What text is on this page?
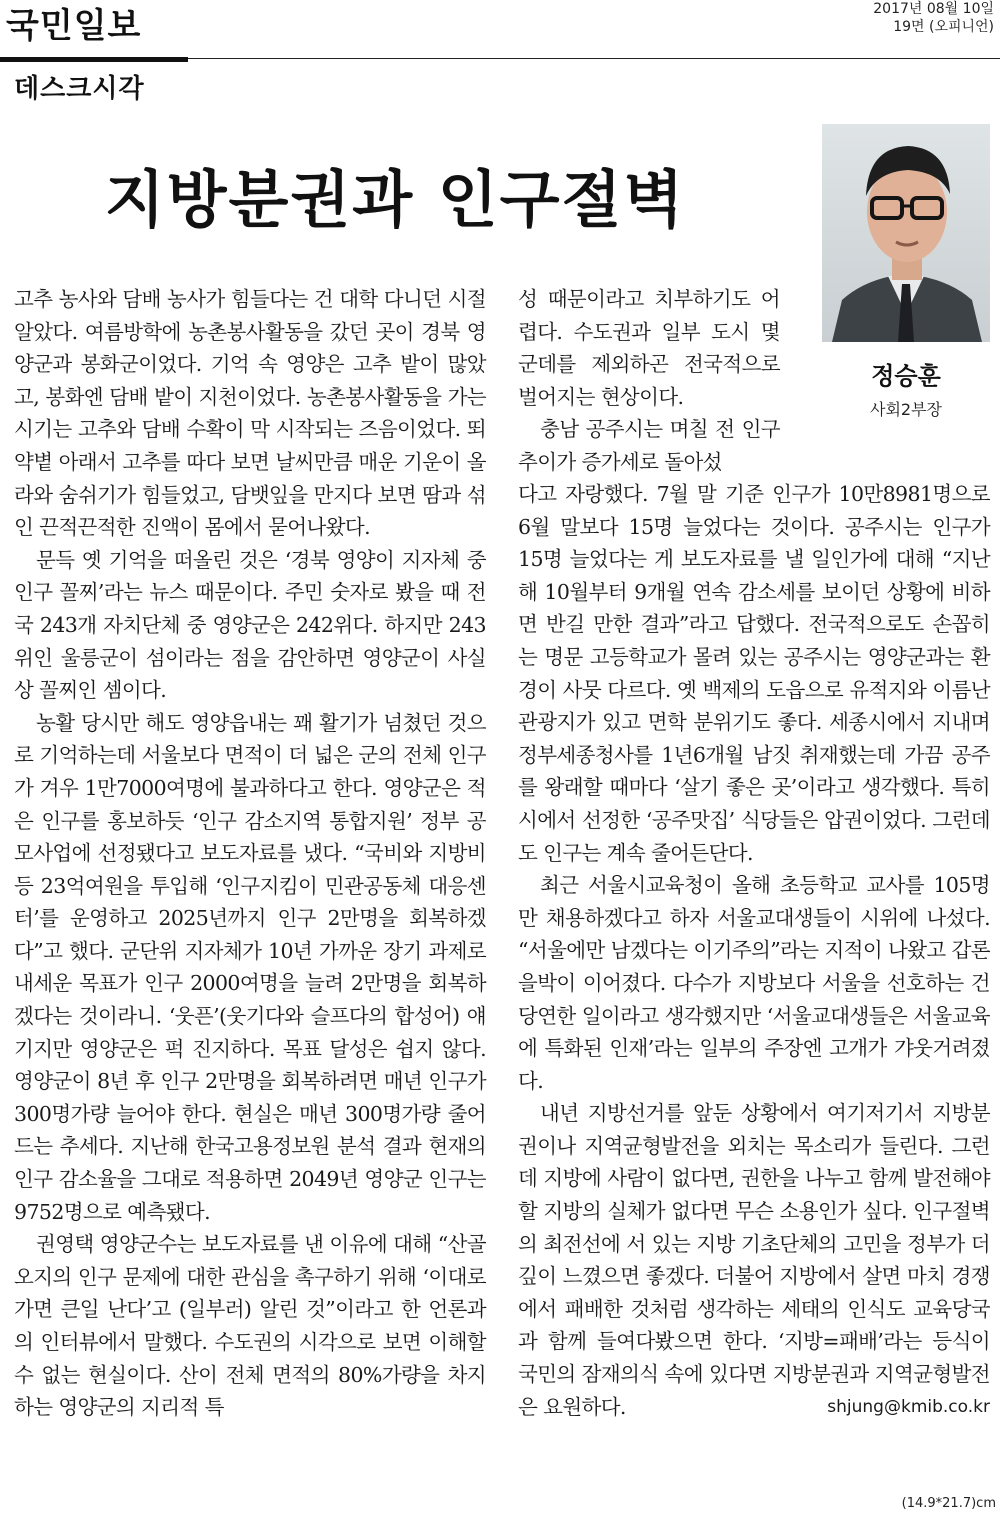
국민일보	2017년 08월 10일
19면 (오피니언)
데스크시각
지방분권과 인구절벽
정승훈
사회2부장

고추 농사와 담배 농사가 힘들다는 건 대학 다니던 시절 알았다. 여름방학에 농촌봉사활동을 갔던 곳이 경북 영양군과 봉화군이었다. 기억 속 영양은 고추 밭이 많았고, 봉화엔 담배 밭이 지천이었다. 농촌봉사활동을 가는 시기는 고추와 담배 수확이 막 시작되는 즈음이었다. 뙤약볕 아래서 고추를 따다 보면 날씨만큼 매운 기운이 올라와 숨쉬기가 힘들었고, 담뱃잎을 만지다 보면 땀과 섞인 끈적끈적한 진액이 몸에서 묻어나왔다.

문득 옛 기억을 떠올린 것은 ‘경북 영양이 지자체 중 인구 꼴찌’라는 뉴스 때문이다. 주민 숫자로 봤을 때 전국 243개 자치단체 중 영양군은 242위다. 하지만 243위인 울릉군이 섬이라는 점을 감안하면 영양군이 사실상 꼴찌인 셈이다.

농활 당시만 해도 영양읍내는 꽤 활기가 넘쳤던 것으로 기억하는데 서울보다 면적이 더 넓은 군의 전체 인구가 겨우 1만7000여명에 불과하다고 한다. 영양군은 적은 인구를 홍보하듯 ‘인구 감소지역 통합지원’ 정부 공모사업에 선정됐다고 보도자료를 냈다. “국비와 지방비 등 23억여원을 투입해 ‘인구지킴이 민관공동체 대응센터’를 운영하고 2025년까지 인구 2만명을 회복하겠다”고 했다. 군단위 지자체가 10년 가까운 장기 과제로 내세운 목표가 인구 2000여명을 늘려 2만명을 회복하겠다는 것이라니. ‘웃픈’(웃기다와 슬프다의 합성어) 얘기지만 영양군은 퍽 진지하다. 목표 달성은 쉽지 않다. 영양군이 8년 후 인구 2만명을 회복하려면 매년 인구가 300명가량 늘어야 한다. 현실은 매년 300명가량 줄어드는 추세다. 지난해 한국고용정보원 분석 결과 현재의 인구 감소율을 그대로 적용하면 2049년 영양군 인구는 9752명으로 예측됐다.

권영택 영양군수는 보도자료를 낸 이유에 대해 “산골 오지의 인구 문제에 대한 관심을 촉구하기 위해 ‘이대로 가면 큰일 난다’고 (일부러) 알린 것”이라고 한 언론과의 인터뷰에서 말했다. 수도권의 시각으로 보면 이해할 수 없는 현실이다. 산이 전체 면적의 80%가량을 차지하는 영양군의 지리적 특

성 때문이라고 치부하기도 어렵다. 수도권과 일부 도시 몇 군데를 제외하곤 전국적으로 벌어지는 현상이다.

충남 공주시는 며칠 전 인구 추이가 증가세로 돌아섰

다고 자랑했다. 7월 말 기준 인구가 10만8981명으로 6월 말보다 15명 늘었다는 것이다. 공주시는 인구가 15명 늘었다는 게 보도자료를 낼 일인가에 대해 “지난해 10월부터 9개월 연속 감소세를 보이던 상황에 비하면 반길 만한 결과”라고 답했다. 전국적으로도 손꼽히는 명문 고등학교가 몰려 있는 공주시는 영양군과는 환경이 사뭇 다르다. 옛 백제의 도읍으로 유적지와 이름난 관광지가 있고 면학 분위기도 좋다. 세종시에서 지내며 정부세종청사를 1년6개월 남짓 취재했는데 가끔 공주를 왕래할 때마다 ‘살기 좋은 곳’이라고 생각했다. 특히 시에서 선정한 ‘공주맛집’ 식당들은 압권이었다. 그런데도 인구는 계속 줄어든단다.

최근 서울시교육청이 올해 초등학교 교사를 105명만 채용하겠다고 하자 서울교대생들이 시위에 나섰다. “서울에만 남겠다는 이기주의”라는 지적이 나왔고 갑론을박이 이어졌다. 다수가 지방보다 서울을 선호하는 건 당연한 일이라고 생각했지만 ‘서울교대생들은 서울교육에 특화된 인재’라는 일부의 주장엔 고개가 갸웃거려졌다.

내년 지방선거를 앞둔 상황에서 여기저기서 지방분권이나 지역균형발전을 외치는 목소리가 들린다. 그런데 지방에 사람이 없다면, 권한을 나누고 함께 발전해야 할 지방의 실체가 없다면 무슨 소용인가 싶다. 인구절벽의 최전선에 서 있는 지방 기초단체의 고민을 정부가 더 깊이 느꼈으면 좋겠다. 더불어 지방에서 살면 마치 경쟁에서 패배한 것처럼 생각하는 세태의 인식도 교육당국과 함께 들여다봤으면 한다. ‘지방=패배’라는 등식이 국민의 잠재의식 속에 있다면 지방분권과 지역균형발전은 요원하다.	shjung@kmib.co.kr
(14.9*21.7)cm
